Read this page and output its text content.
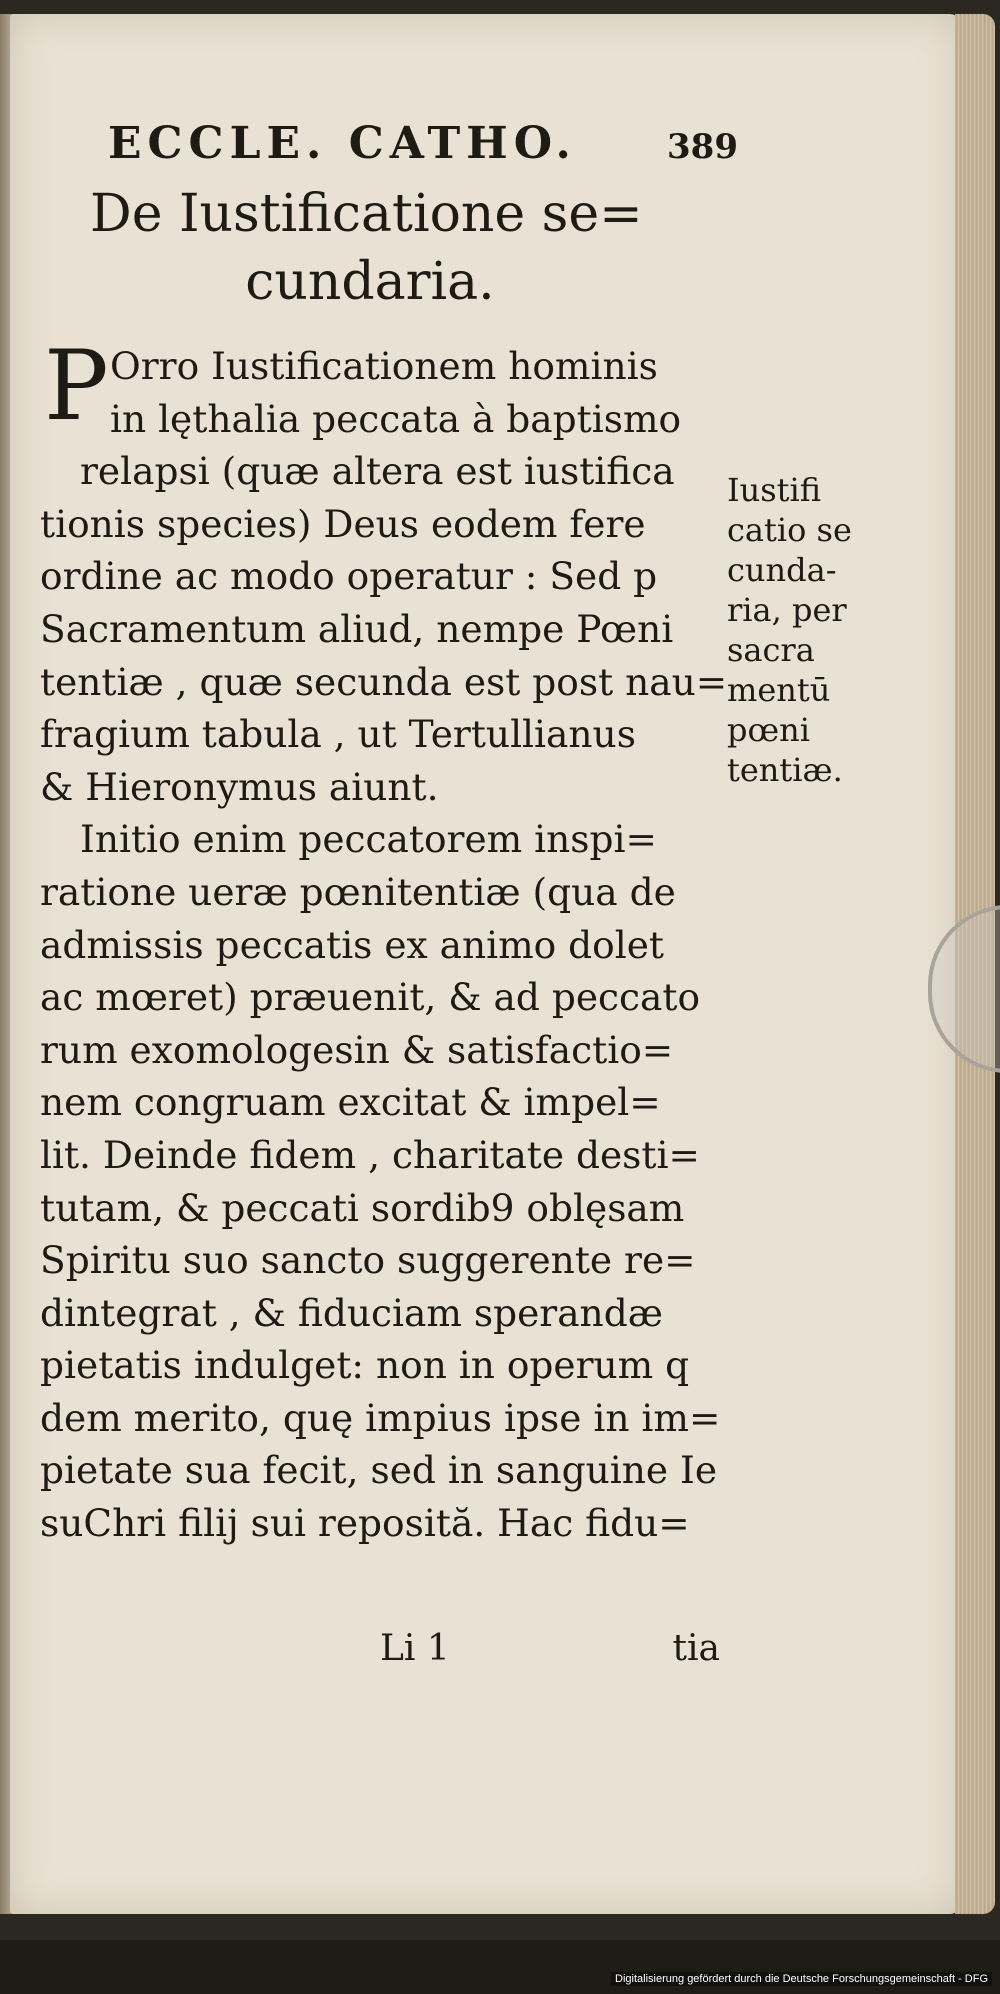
ECCLE. CATHO.	389
De Iustificatione se=
cundaria.
P Orro Iustificationem hominis
in lęthalia peccata à baptismo
relapsi (quæ altera est iustifica
tionis species) Deus eodem fere
ordine ac modo operatur : Sed p
Sacramentum aliud, nempe Pœni
tentiæ , quæ secunda est post nau=
fragium tabula , ut Tertullianus
& Hieronymus aiunt.
Initio enim peccatorem inspi=
ratione ueræ pœnitentiæ (qua de
admissis peccatis ex animo dolet
ac mœret) præuenit, & ad peccato
rum exomologesin & satisfactio=
nem congruam excitat & impel=
lit. Deinde fidem , charitate desti=
tutam, & peccati sordib9 oblęsam
Spiritu suo sancto suggerente re=
dintegrat , & fiduciam sperandæ
pietatis indulget: non in operum q
dem merito, quę impius ipse in im=
pietate sua fecit, sed in sanguine Ie
suChri filij sui reposită. Hac fidu=
Iustifi
catio se
cunda-
ria, per
sacra
mentū
pœni
tentiæ.
Li 1	tia
Digitalisierung gefördert durch die Deutsche Forschungsgemeinschaft - DFG
